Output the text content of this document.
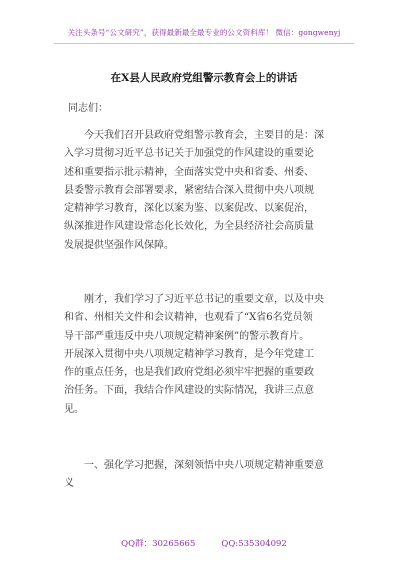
关注头条号“公文研究”，获得最新最全最专业的公文资料库！ 微信：gongwenyj
在X县人民政府党组警示教育会上的讲话
同志们：
今天我们召开县政府党组警示教育会，主要目的是：深
入学习贯彻习近平总书记关于加强党的作风建设的重要论
述和重要指示批示精神，全面落实党中央和省委、州委、
县委警示教育会部署要求，紧密结合深入贯彻中央八项规
定精神学习教育，深化以案为鉴、以案促改、以案促治，
纵深推进作风建设常态化长效化，为全县经济社会高质量
发展提供坚强作风保障。
刚才，我们学习了习近平总书记的重要文章，以及中央
和省、州相关文件和会议精神，也观看了“X省6名党员领
导干部严重违反中央八项规定精神案例”的警示教育片。
开展深入贯彻中央八项规定精神学习教育，是今年党建工
作的重点任务，也是我们政府党组必须牢牢把握的重要政
治任务。下面，我结合作风建设的实际情况，我讲三点意
见。
一、强化学习把握，深刻领悟中央八项规定精神重要意
义
QQ群：30265665	QQ:535304092
